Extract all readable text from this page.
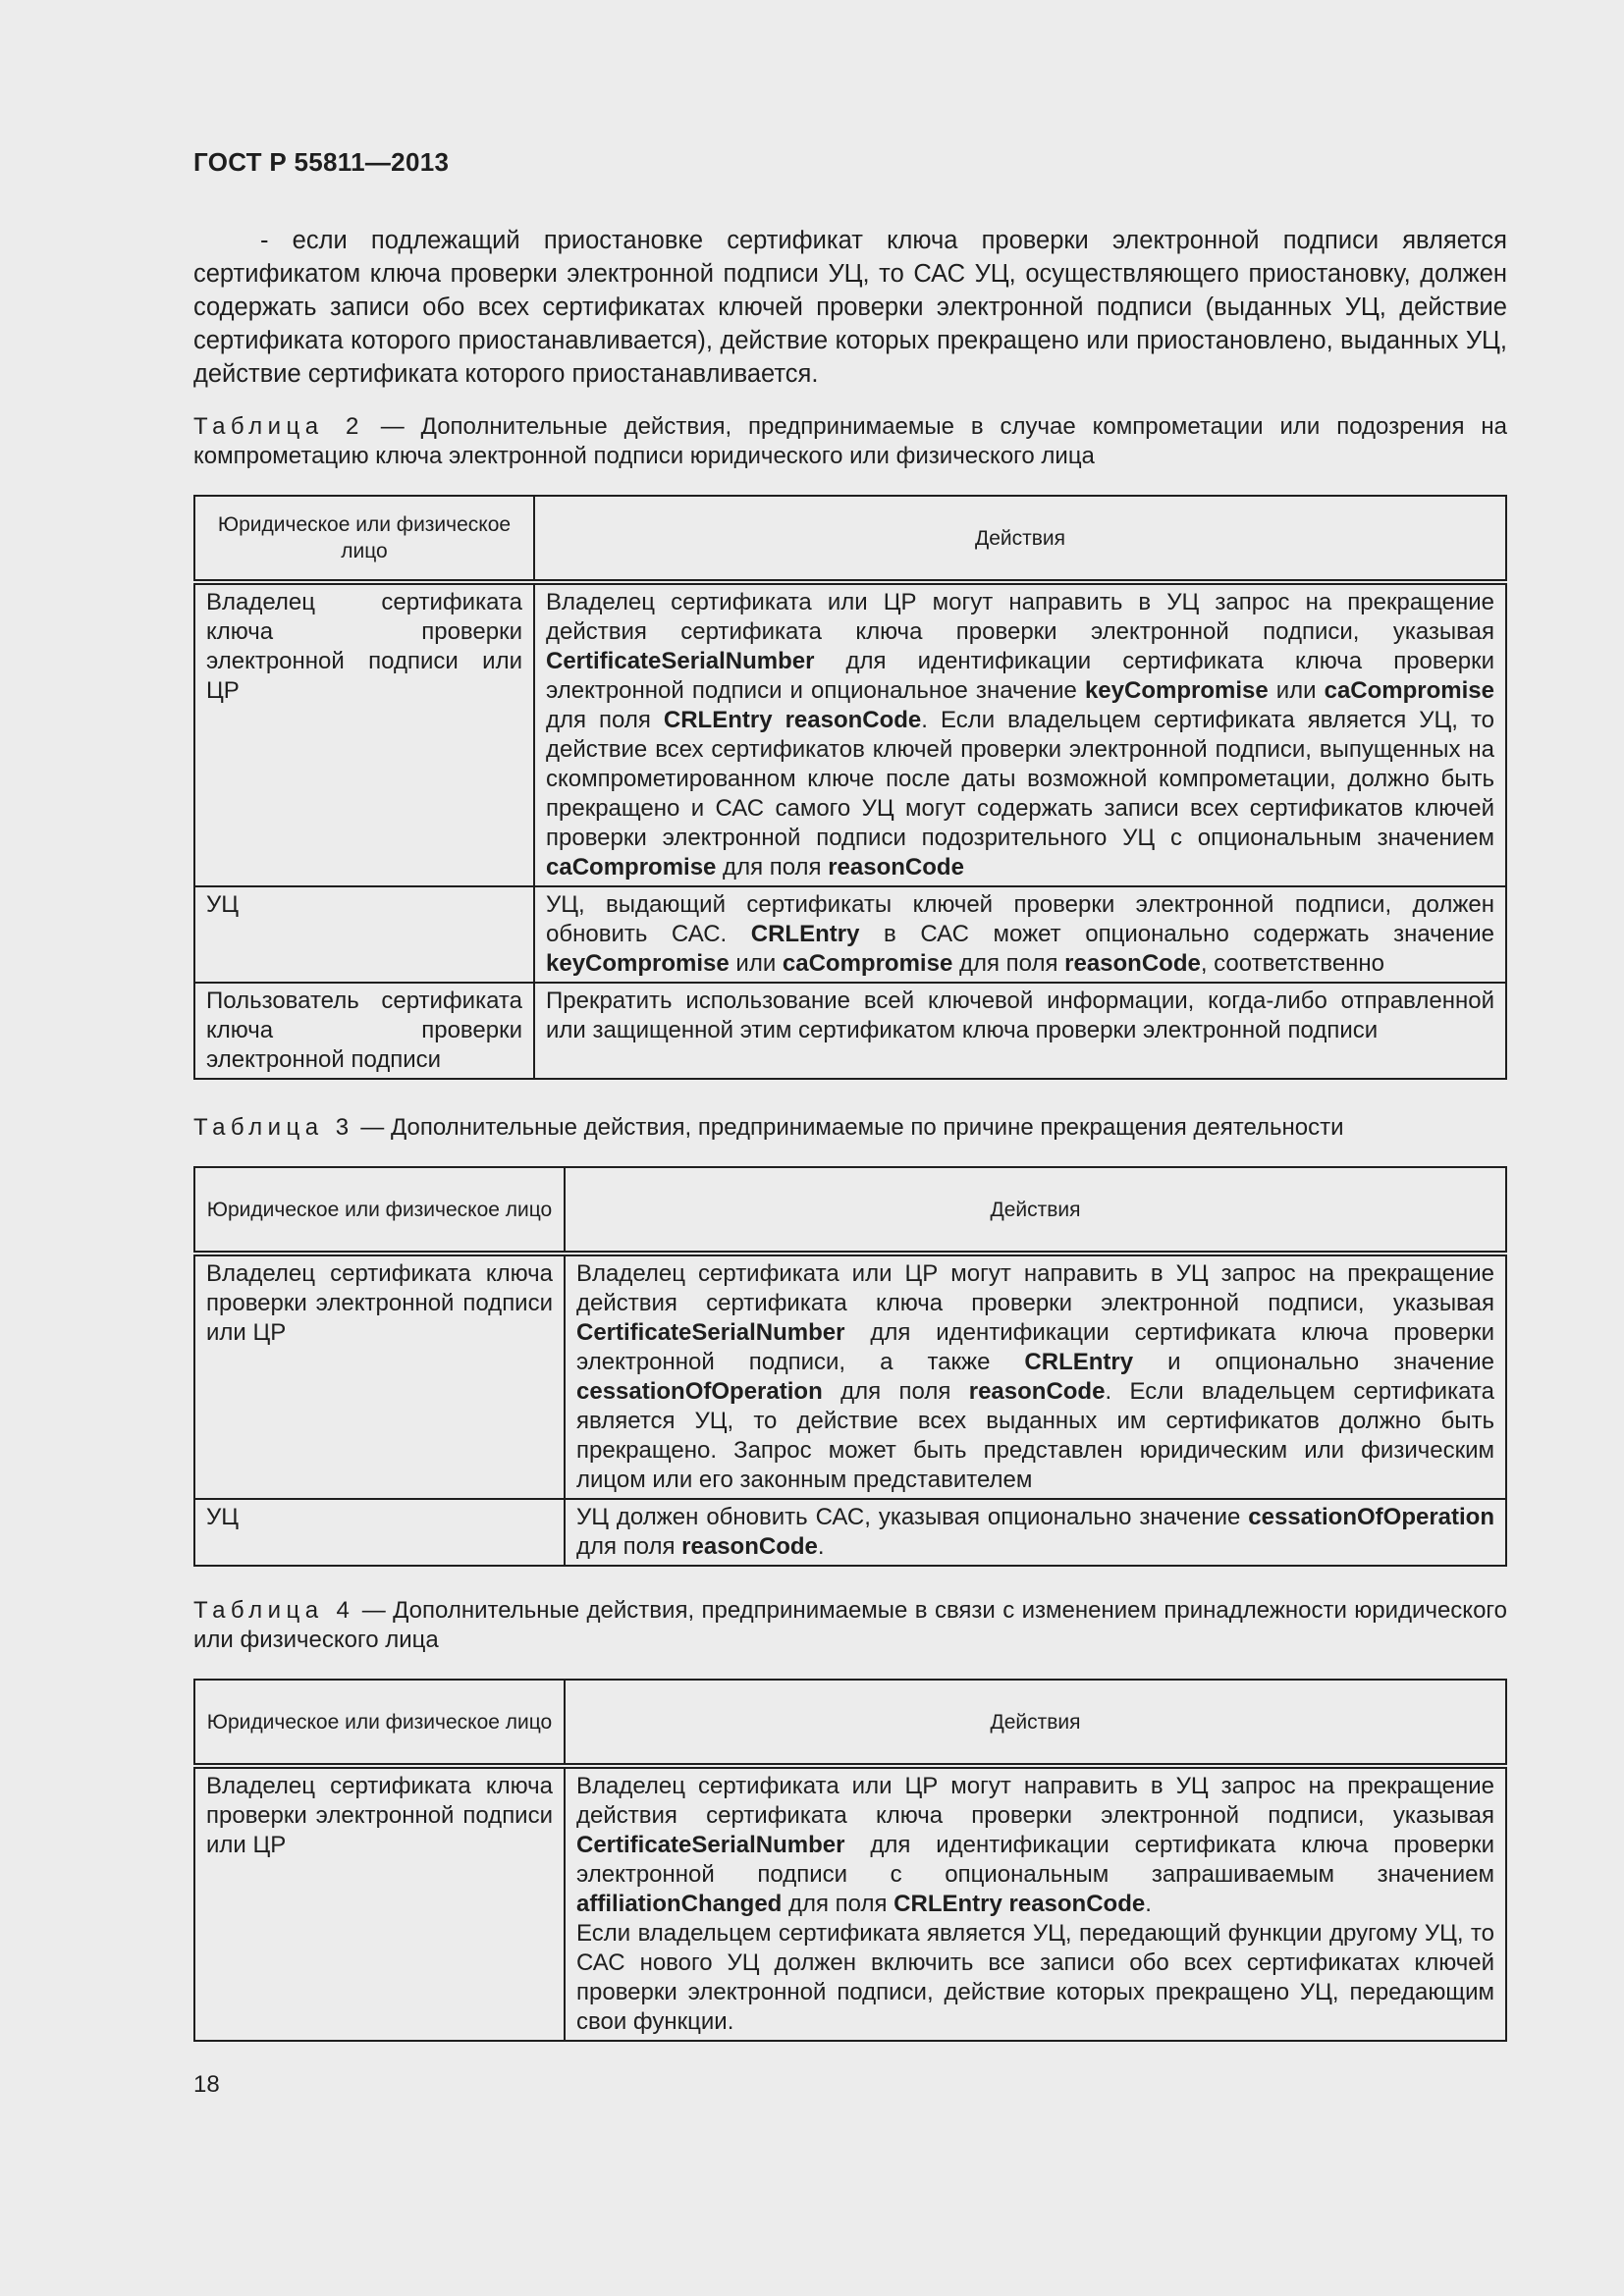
ГОСТ Р 55811—2013

- если подлежащий приостановке сертификат ключа проверки электронной подписи является сертификатом ключа проверки электронной подписи УЦ, то САС УЦ, осуществляющего приостановку, должен содержать записи обо всех сертификатах ключей проверки электронной подписи (выданных УЦ, действие сертификата которого приостанавливается), действие которых прекращено или приостановлено, выданных УЦ, действие сертификата которого приостанавливается.

Таблица 2 — Дополнительные действия, предпринимаемые в случае компрометации или подозрения на компрометацию ключа электронной подписи юридического или физического лица
Юридическое или физическое лицо	Действия
Владелец сертификата ключа проверки электронной подписи или ЦР	Владелец сертификата или ЦР могут направить в УЦ запрос на прекращение действия сертификата ключа проверки электронной подписи, указывая CertificateSerialNumber для идентификации сертификата ключа проверки электронной подписи и опциональное значение keyCompromise или caCompromise для поля CRLEntry reasonCode. Если владельцем сертификата является УЦ, то действие всех сертификатов ключей проверки электронной подписи, выпущенных на скомпрометированном ключе после даты возможной компрометации, должно быть прекращено и САС самого УЦ могут содержать записи всех сертификатов ключей проверки электронной подписи подозрительного УЦ с опциональным значением caCompromise для поля reasonCode
УЦ	УЦ, выдающий сертификаты ключей проверки электронной подписи, должен обновить САС. CRLEntry в САС может опционально содержать значение keyCompromise или caCompromise для поля reasonCode, соответственно
Пользователь сертификата ключа проверки электронной подписи	Прекратить использование всей ключевой информации, когда-либо отправленной или защищенной этим сертификатом ключа проверки электронной подписи
Таблица 3 — Дополнительные действия, предпринимаемые по причине прекращения деятельности
Юридическое или физическое лицо	Действия
Владелец сертификата ключа проверки электронной подписи или ЦР	Владелец сертификата или ЦР могут направить в УЦ запрос на прекращение действия сертификата ключа проверки электронной подписи, указывая CertificateSerialNumber для идентификации сертификата ключа проверки электронной подписи, а также CRLEntry и опционально значение cessationOfOperation для поля reasonCode. Если владельцем сертификата является УЦ, то действие всех выданных им сертификатов должно быть прекращено. Запрос может быть представлен юридическим или физическим лицом или его законным представителем
УЦ	УЦ должен обновить САС, указывая опционально значение cessationOfOperation для поля reasonCode.
Таблица 4 — Дополнительные действия, предпринимаемые в связи с изменением принадлежности юридического или физического лица
Юридическое или физическое лицо	Действия
Владелец сертификата ключа проверки электронной подписи или ЦР	Владелец сертификата или ЦР могут направить в УЦ запрос на прекращение действия сертификата ключа проверки электронной подписи, указывая CertificateSerialNumber для идентификации сертификата ключа проверки электронной подписи с опциональным запрашиваемым значением affiliationChanged для поля CRLEntry reasonCode.
Если владельцем сертификата является УЦ, передающий функции другому УЦ, то САС нового УЦ должен включить все записи обо всех сертификатах ключей проверки электронной подписи, действие которых прекращено УЦ, передающим свои функции.
18
